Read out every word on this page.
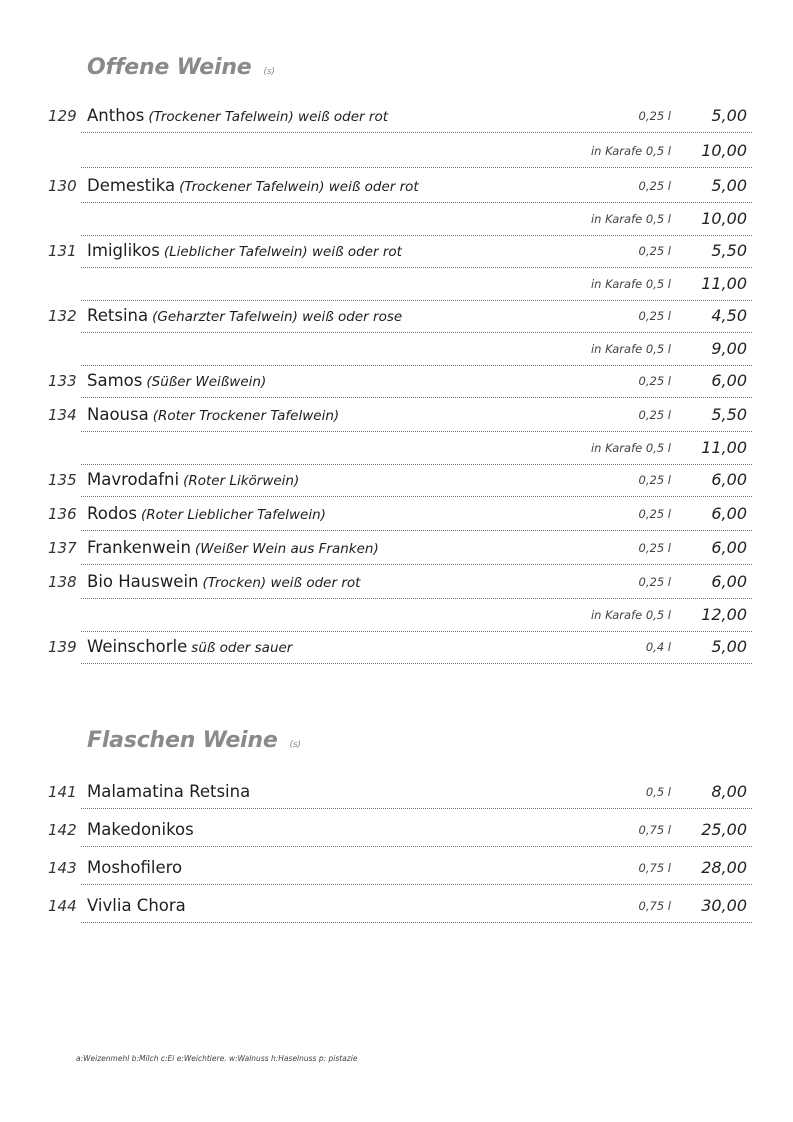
Offene Weine (s)
129 Anthos (Trockener Tafelwein) weiß oder rot	0,25 l	5,00
in Karafe 0,5 l 10,00
130 Demestika (Trockener Tafelwein) weiß oder rot	0,25 l	5,00
in Karafe 0,5 l 10,00
131 Imiglikos (Lieblicher Tafelwein) weiß oder rot	0,25 l	5,50
in Karafe 0,5 l 11,00
132 Retsina (Geharzter Tafelwein) weiß oder rose	0,25 l	4,50
in Karafe 0,5 l	9,00
133 Samos (Süßer Weißwein)	0,25 l	6,00
134 Naousa (Roter Trockener Tafelwein)	0,25 l	5,50
in Karafe 0,5 l 11,00
135 Mavrodafni (Roter Likörwein)	0,25 l	6,00
136 Rodos (Roter Lieblicher Tafelwein)	0,25 l	6,00
137 Frankenwein (Weißer Wein aus Franken)	0,25 l	6,00
138 Bio Hauswein (Trocken) weiß oder rot	0,25 l	6,00
in Karafe 0,5 l 12,00
139 Weinschorle süß oder sauer	0,4 l	5,00
Flaschen Weine (s)
141 Malamatina Retsina	0,5 l	8,00
142 Makedonikos	0,75 l 25,00
143 Moshofilero	0,75 l 28,00
144 Vivlia Chora	0,75 l 30,00
a:Weizenmehl b:Milch c:Ei e:Weichtiere. w:Walnuss h:Haselnuss p: pistazie
